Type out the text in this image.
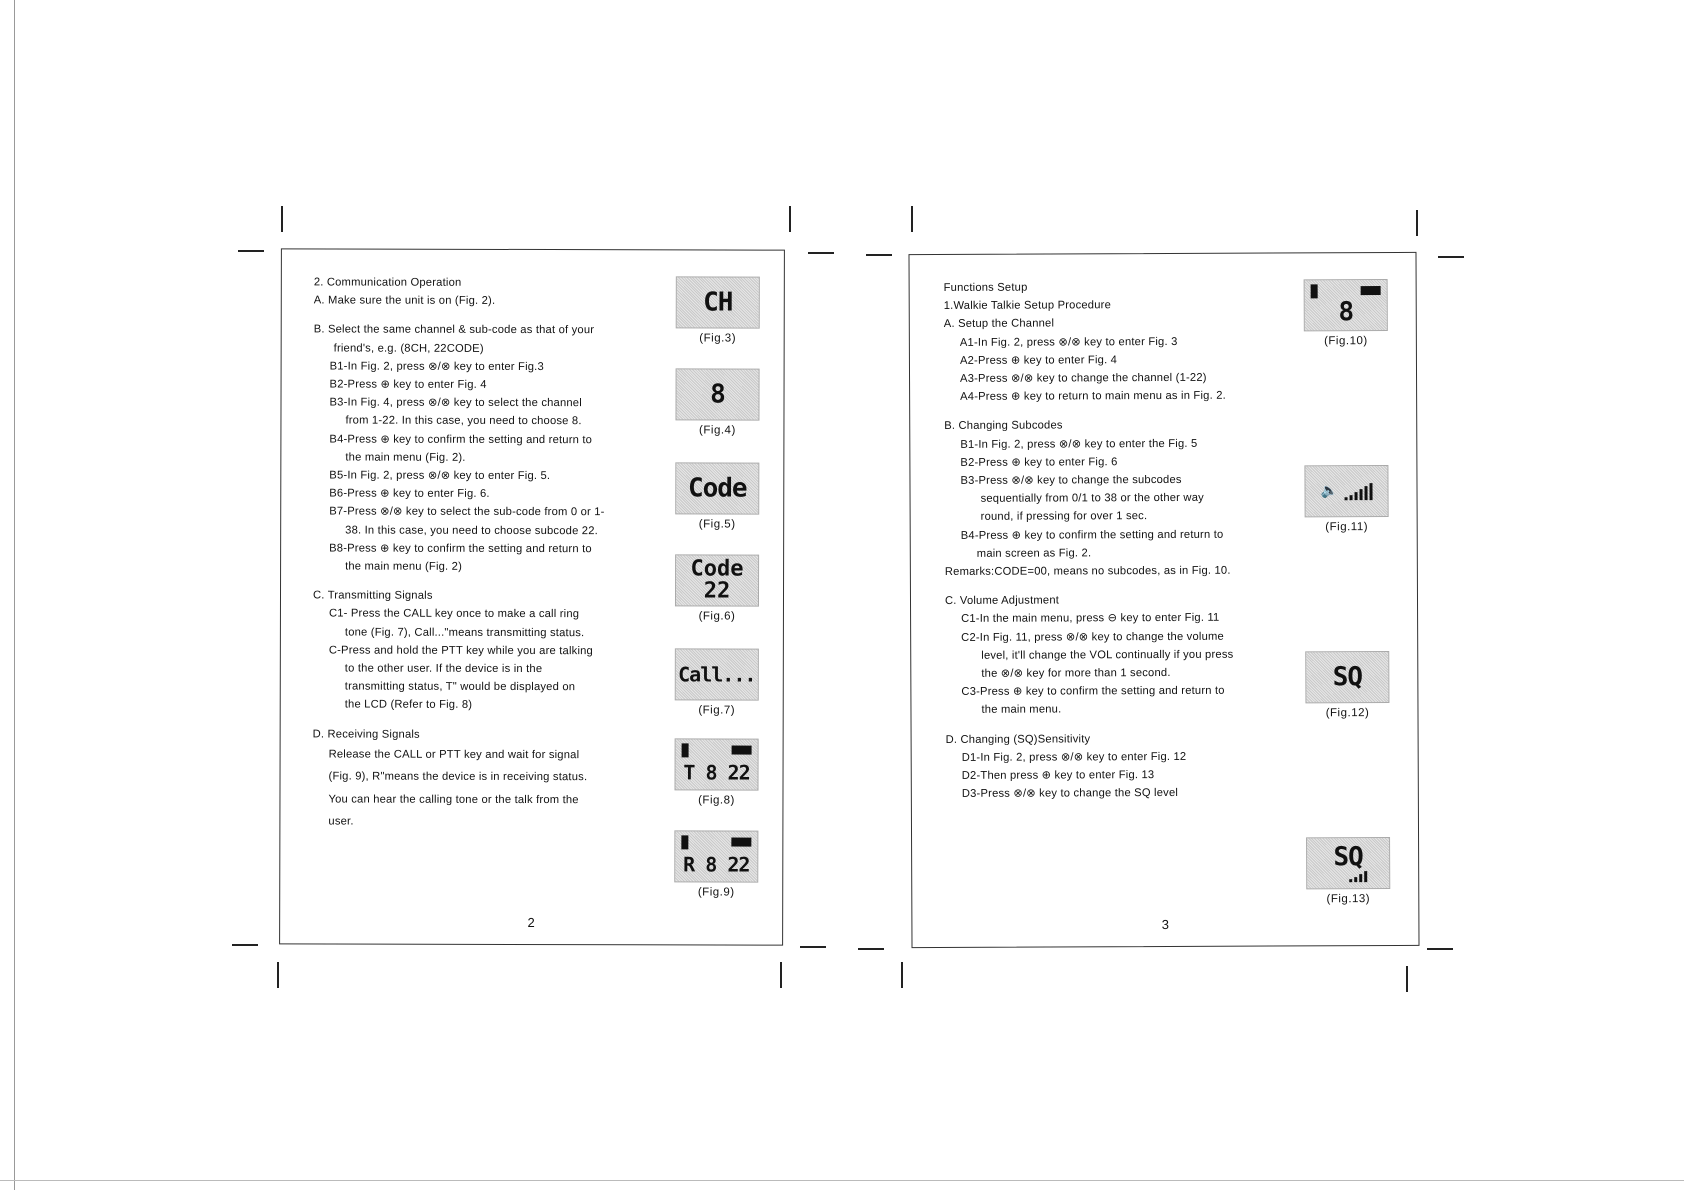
2. Communication Operation
A. Make sure the unit is on (Fig. 2).
B. Select the same channel & sub-code as that of your
friend's, e.g. (8CH, 22CODE)
B1-In Fig. 2, press ⊗/⊗ key to enter Fig.3
B2-Press ⊕ key to enter Fig. 4
B3-In Fig. 4, press ⊗/⊗ key to select the channel
from 1-22. In this case, you need to choose 8.
B4-Press ⊕ key to confirm the setting and return to
the main menu (Fig. 2).
B5-In Fig. 2, press ⊗/⊗ key to enter Fig. 5.
B6-Press ⊕ key to enter Fig. 6.
B7-Press ⊗/⊗ key to select the sub-code from 0 or 1-
38. In this case, you need to choose subcode 22.
B8-Press ⊕ key to confirm the setting and return to
the main menu (Fig. 2)
C. Transmitting Signals
C1- Press the CALL key once to make a call ring
tone (Fig. 7), Call..."means transmitting status.
C-Press and hold the PTT key while you are talking
to the other user. If the device is in the
transmitting status, T" would be displayed on
the LCD (Refer to Fig. 8)
D. Receiving Signals
Release the CALL or PTT key and wait for signal
(Fig. 9), R"means the device is in receiving status.
You can hear the calling tone or the talk from the
user.
CH
(Fig.3)
8
(Fig.4)
Code
(Fig.5)
Code
22
(Fig.6)
Call...
(Fig.7)
T 8 22
(Fig.8)
R 8 22
(Fig.9)
2
Functions Setup
1.Walkie Talkie Setup Procedure
A. Setup the Channel
A1-In Fig. 2, press ⊗/⊗ key to enter Fig. 3
A2-Press ⊕ key to enter Fig. 4
A3-Press ⊗/⊗ key to change the channel (1-22)
A4-Press ⊕ key to return to main menu as in Fig. 2.
B. Changing Subcodes
B1-In Fig. 2, press ⊗/⊗ key to enter the Fig. 5
B2-Press ⊕ key to enter Fig. 6
B3-Press ⊗/⊗ key to change the subcodes
sequentially from 0/1 to 38 or the other way
round, if pressing for over 1 sec.
B4-Press ⊕ key to confirm the setting and return to
main screen as Fig. 2.
Remarks:CODE=00, means no subcodes, as in Fig. 10.
C. Volume Adjustment
C1-In the main menu, press ⊖ key to enter Fig. 11
C2-In Fig. 11, press ⊗/⊗ key to change the volume
level, it'll change the VOL continually if you press
the ⊗/⊗ key for more than 1 second.
C3-Press ⊕ key to confirm the setting and return to
the main menu.
D. Changing (SQ)Sensitivity
D1-In Fig. 2, press ⊗/⊗ key to enter Fig. 12
D2-Then press ⊕ key to enter Fig. 13
D3-Press ⊗/⊗ key to change the SQ level
8
(Fig.10)
🔈
(Fig.11)
SQ
(Fig.12)
SQ
(Fig.13)
3
